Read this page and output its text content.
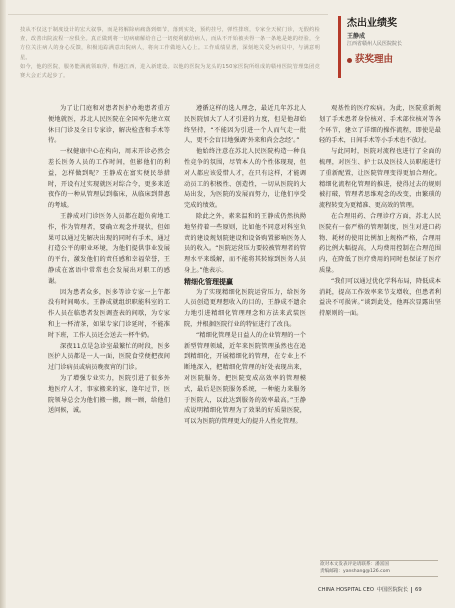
技从不仅这于制度设计的宏大叙事，而是将解除病痛落到细节，落到实处，预约挂号，弹性排班，专家全天候门诊，无假约检查，改善出院流程一应俱全。真正做到将一切病痛解给自己一切便利献给病人，而从不开始被卖得一条一条地是她的经验，全方位关注病人的身心反馈，积极追踪满意出院病人，将向工作做地入心上。工作成绩显著，深刻地关爱为病员中，与满意明星。

如今，他的医院，服务能满就领取得，释越江西，进入新建设。以他的医院为龙头的150家医院所组成的赣州医院管理集团竞赛大会正式起步了。

杰出业绩奖
王静成
江西省赣州人民医院院长
获奖理由

为了让门庭和对患者医护办地患者重方便地就医，苏北人民医院在全国率先建立双休日门诊及全日专家诊，解决检查和手术等待。

一权健康中心在构向，周末开诊必然会差长医务人员的工作时间，但影他们的利益，怎样做到呢？王静成在富实便民举措时，开设有过实现就医对综合令，更多来适夜作的一种从管理层到临床，从临床到普惠的考域。

王静成对门诊医务人员都在超负荷地工作，作为管理者，要确立观念并现状，但如果可以通过先解决出现的同时有手术，通过打造公平的职业环境，为他们提供事业发展的平台，激发他们的责任感和幸福荣誉，王静成在富语中常常也会发展出对职工的感谢。

因为患者众多，医多等诊专家一上午都没有时间喝水。王静成就组织职能科室的工作人员在临患者发医调查表的间歇，为专家和上一杯清茶，如果专家门诊延时，不能准时下班，工作人员还会送去一杯牛奶。

深夜11点是急诊室最繁忙的时段，医多医护人员都是一人一面，医院食堂便把夜间过门诊病员或病员晚夜宵的门诊。

为了增强专业实力，医院引进了很多外地医疗人才，事家搬来的家，逢年过节，医院领导总会为他们搬一搬，顾一顾，给他们送问候，诚。

遵循这样的选人理念，最近几年苏北人民医院加大了人才引进的力度，但是他却始终坚持，“不能因为引进一个人而气走一批人，更不会盲目地强调‘外来和尚会念经’。”

他始终注意在苏北人民医院构造一种良性竞争的氛围，尽管本人的个性体现现，但对人都应该爱惜人才，在只有这样，才能调动员工的积极性、创造性，一切从医院的大局出发，为医院的发展而努力，让他们享受完成的绩效。

除此之外，素来温和的王静成仍然执拗地坚持着一些原则，比如他不同意对科室负责的建设规划院建设和设备购置影响医务人员的收入。“医院运营压力要较被管理者的管理水平来缓解，而不能将其转嫁到医务人员身上。”他表示。

精细化管理提赢

为了实现精细化医院运营压力，给医务人员创造更理想收入的目的，王静成不遗余力地引进精细化管理理念和方法来武装医院，并根据医院行业的特征进行了改良。

“精细化管理是日益人的企业管理的一个新型管理领域，近年来医院管理虽然也在追到精细化，开展精细化的管理，在专业上不断地深入，把精细化管理的好处表现出来，对医院服务，把医院变成高效率的管理模式，最后是医院服务系统，一种能力来服务于医院人，以此达到服务的效率最高。”王静成说明精细化管理为了效果的好质量医院，可以为医院的管理更大的提升人性化管理。

观基性的医疗疾病。为此，医院重新规划了手术患者身份核对、手术部位核对等各个环节，建立了详细的操作流程，即使是最轻的手术，日间手术等小手术也不放过。

与此同时，医院对流程也进行了全面的梳理，对医生、护士以及医技人员职能进行了重新配置，让医院管理变得更加合理化。精细化流程化管理的推进，使得过去的规则被打破，管理者思维观念的改变，由繁琐的流程转变为更精准、更高效的管理。

在合理用药、合理诊疗方面，苏北人民医院有一套严格的管理制度，医生对进口药物、耗材的使用比例加上规格严格，合理用药比例大幅提高，人均费用控制在合理范围内，在降低了医疗费用的同时也保证了医疗质量。

“我们可以通过优化学科布局，降低成本消耗，提高工作效率来节支增收，但患者利益决不可损害。”谈到此处，他再次显露出坚持原则的一面。

欲对本文发表评论请联系：潘富国
责编邮箱：yanshang@126.com
CHINA HOSPITAL CEO 中国医院院长 69
